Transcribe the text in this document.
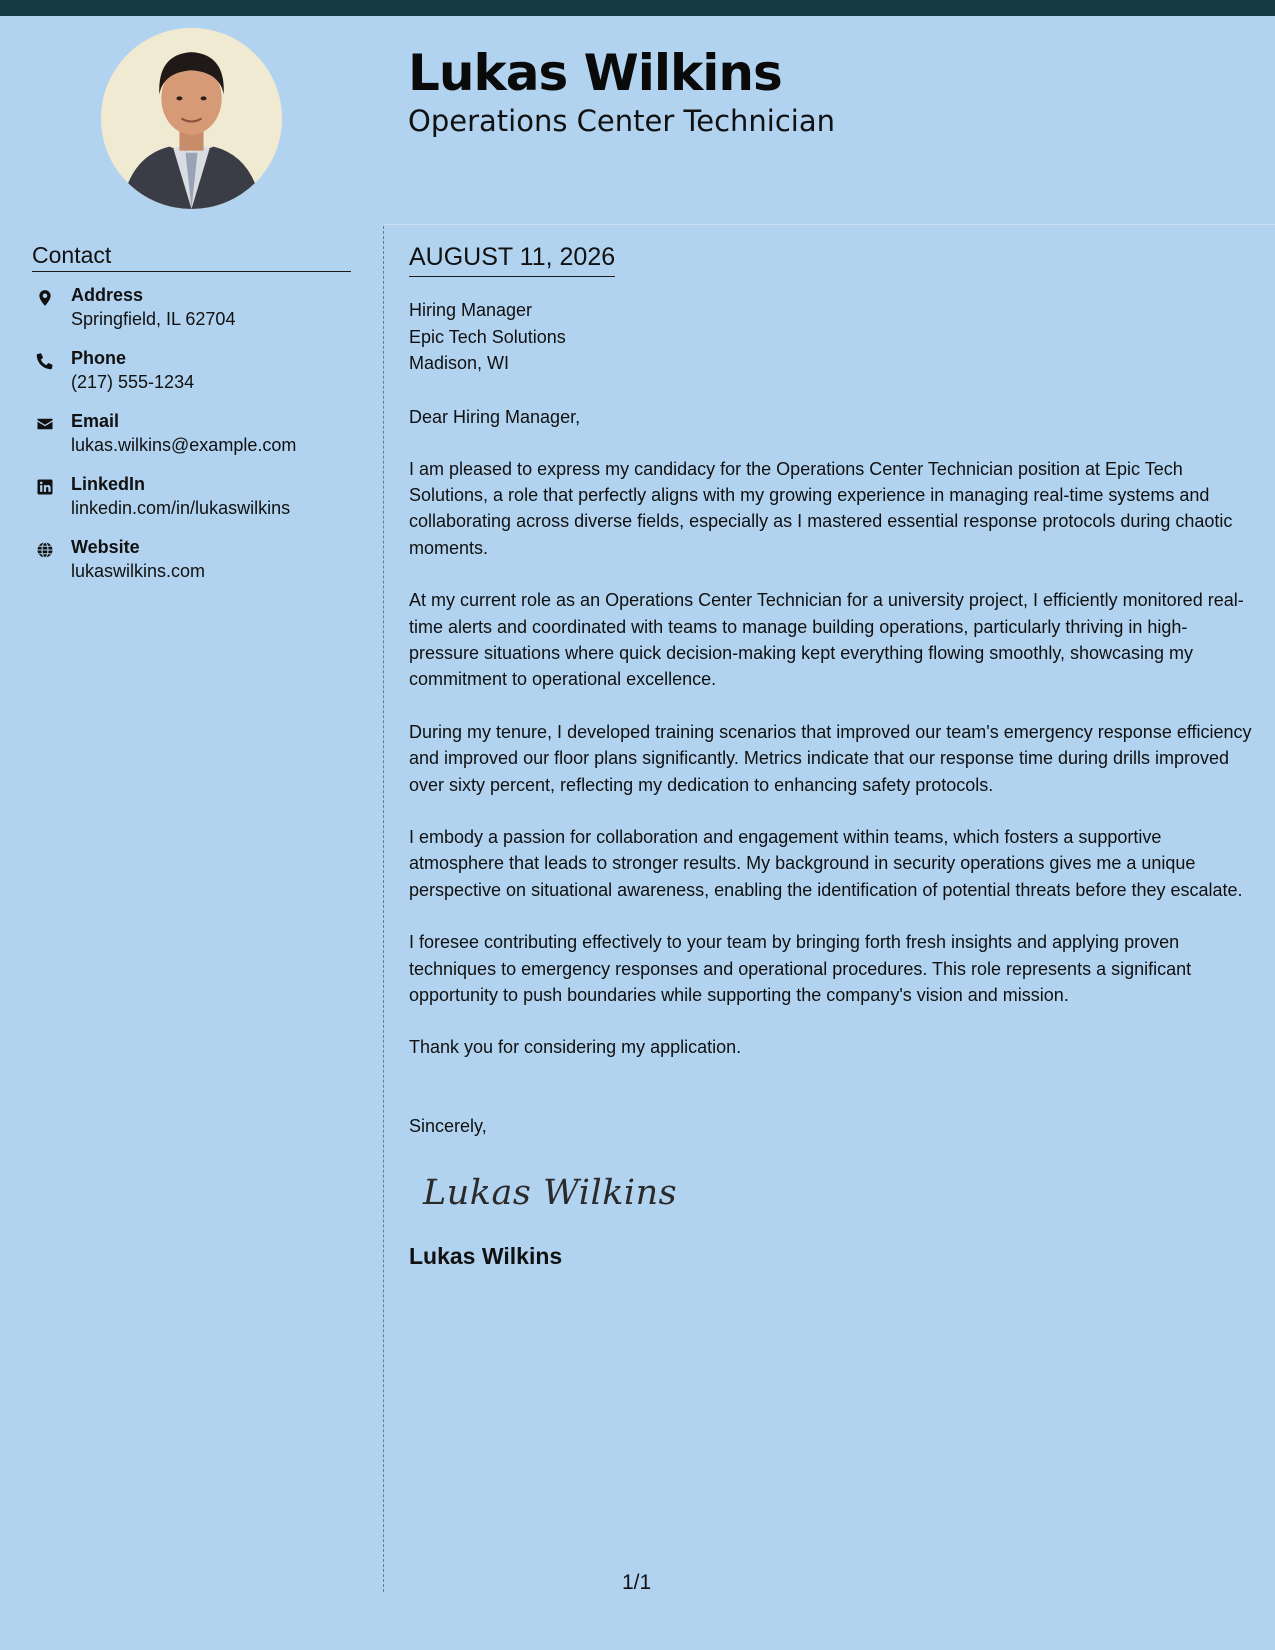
Lukas Wilkins
Operations Center Technician
Contact
Address
Springfield, IL 62704
Phone
(217) 555-1234
Email
lukas.wilkins@example.com
LinkedIn
linkedin.com/in/lukaswilkins
Website
lukaswilkins.com
AUGUST 11, 2026
Hiring Manager
Epic Tech Solutions
Madison, WI
Dear Hiring Manager,
I am pleased to express my candidacy for the Operations Center Technician position at Epic Tech Solutions, a role that perfectly aligns with my growing experience in managing real-time systems and collaborating across diverse fields, especially as I mastered essential response protocols during chaotic moments.
At my current role as an Operations Center Technician for a university project, I efficiently monitored real-time alerts and coordinated with teams to manage building operations, particularly thriving in high-pressure situations where quick decision-making kept everything flowing smoothly, showcasing my commitment to operational excellence.
During my tenure, I developed training scenarios that improved our team's emergency response efficiency and improved our floor plans significantly. Metrics indicate that our response time during drills improved over sixty percent, reflecting my dedication to enhancing safety protocols.
I embody a passion for collaboration and engagement within teams, which fosters a supportive atmosphere that leads to stronger results. My background in security operations gives me a unique perspective on situational awareness, enabling the identification of potential threats before they escalate.
I foresee contributing effectively to your team by bringing forth fresh insights and applying proven techniques to emergency responses and operational procedures. This role represents a significant opportunity to push boundaries while supporting the company's vision and mission.
Thank you for considering my application.
Sincerely,
Lukas Wilkins
Lukas Wilkins
1/1
